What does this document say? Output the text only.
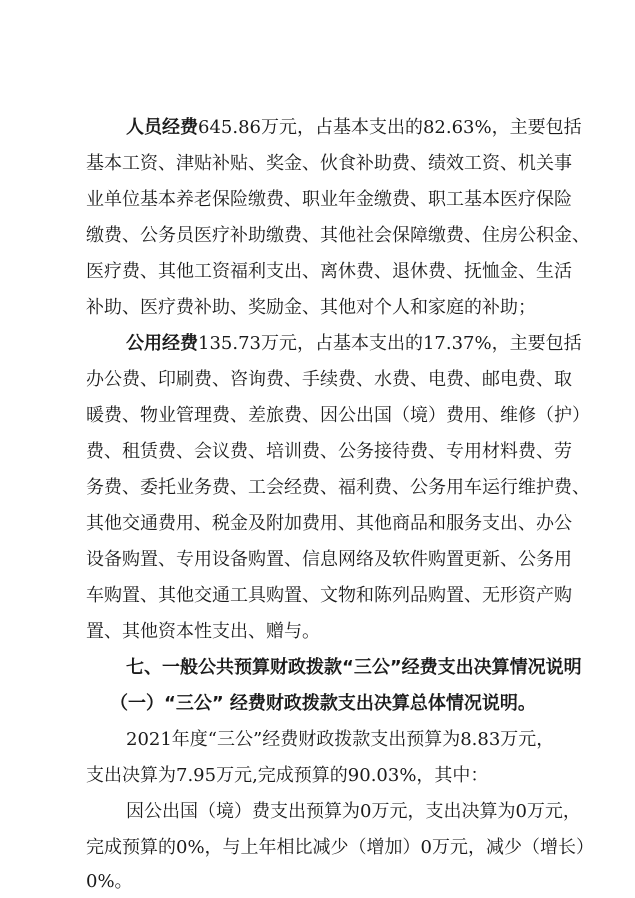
人员经费645.86万元，占基本支出的82.63%，主要包括

基本工资、津贴补贴、奖金、伙食补助费、绩效工资、机关事

业单位基本养老保险缴费、职业年金缴费、职工基本医疗保险

缴费、公务员医疗补助缴费、其他社会保障缴费、住房公积金、

医疗费、其他工资福利支出、离休费、退休费、抚恤金、生活

补助、医疗费补助、奖励金、其他对个人和家庭的补助；

公用经费135.73万元，占基本支出的17.37%，主要包括

办公费、印刷费、咨询费、手续费、水费、电费、邮电费、取

暖费、物业管理费、差旅费、因公出国（境）费用、维修（护）

费、租赁费、会议费、培训费、公务接待费、专用材料费、劳

务费、委托业务费、工会经费、福利费、公务用车运行维护费、

其他交通费用、税金及附加费用、其他商品和服务支出、办公

设备购置、专用设备购置、信息网络及软件购置更新、公务用

车购置、其他交通工具购置、文物和陈列品购置、无形资产购

置、其他资本性支出、赠与。

七、一般公共预算财政拨款“三公”经费支出决算情况说明

（一）“三公” 经费财政拨款支出决算总体情况说明。

2021年度“三公”经费财政拨款支出预算为8.83万元，

支出决算为7.95万元,完成预算的90.03%，其中：

因公出国（境）费支出预算为0万元，支出决算为0万元，

完成预算的0%，与上年相比减少（增加）0万元，减少（增长）

0%。
